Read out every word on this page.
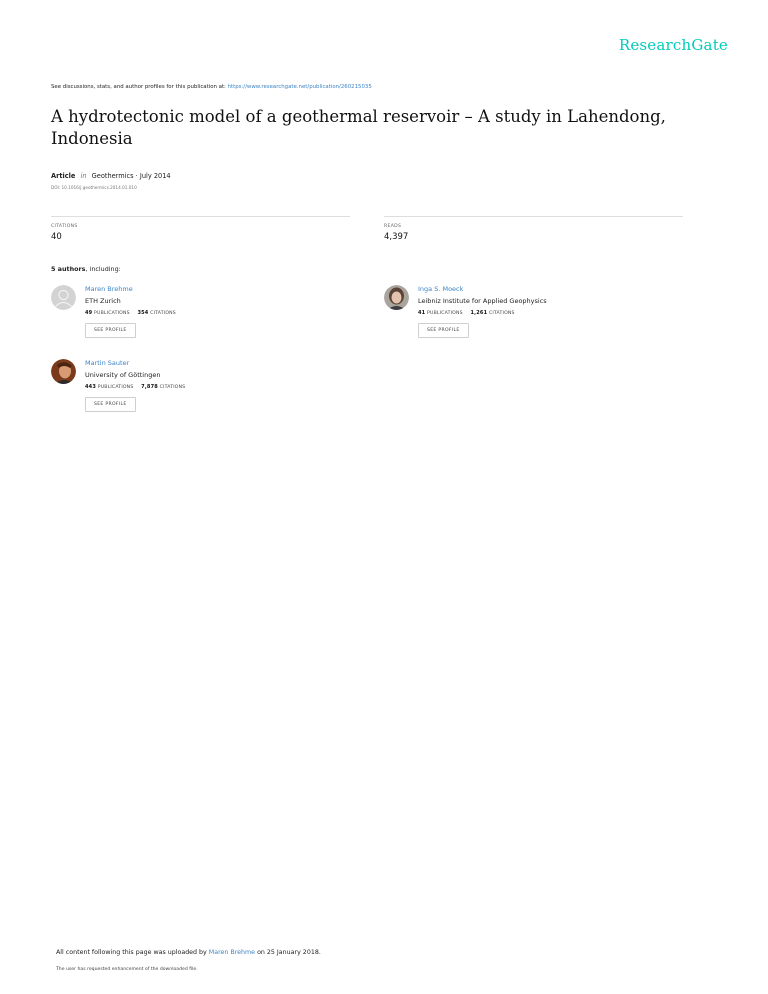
ResearchGate
See discussions, stats, and author profiles for this publication at: https://www.researchgate.net/publication/260215035
A hydrotectonic model of a geothermal reservoir – A study in Lahendong, Indonesia
Article in Geothermics · July 2014
DOI: 10.1016/j.geothermics.2014.01.010
CITATIONS
40
READS
4,397
5 authors, including:
Maren Brehme
ETH Zurich
49 PUBLICATIONS 354 CITATIONS
SEE PROFILE
Inga S. Moeck
Leibniz Institute for Applied Geophysics
41 PUBLICATIONS 1,261 CITATIONS
SEE PROFILE
Martin Sauter
University of Göttingen
443 PUBLICATIONS 7,878 CITATIONS
SEE PROFILE
All content following this page was uploaded by Maren Brehme on 25 January 2018.
The user has requested enhancement of the downloaded file.
